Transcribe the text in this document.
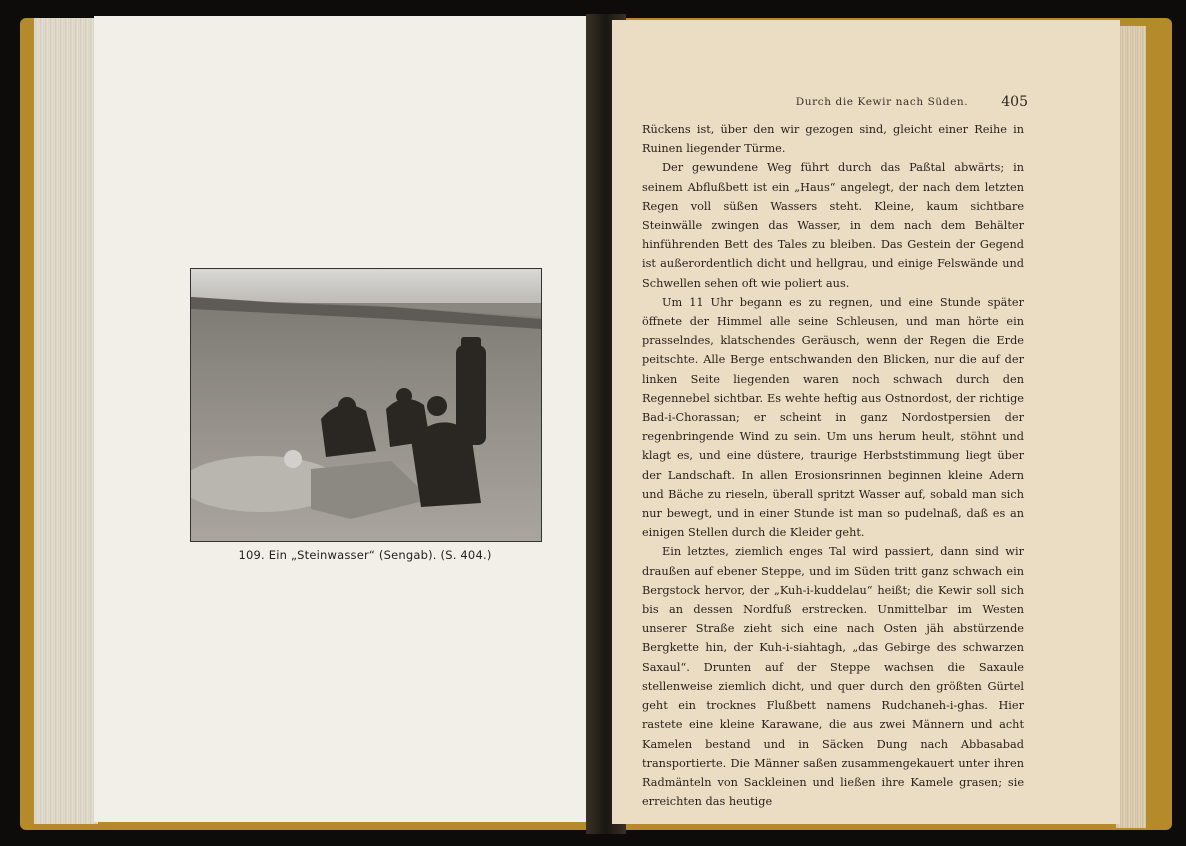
109. Ein „Steinwasser“ (Sengab). (S. 404.)
Durch die Kewir nach Süden.	405

Rückens ist, über den wir gezogen sind, gleicht einer Reihe in Ruinen liegender Türme.

Der gewundene Weg führt durch das Paßtal abwärts; in seinem Abflußbett ist ein „Haus“ angelegt, der nach dem letzten Regen voll süßen Wassers steht. Kleine, kaum sichtbare Steinwälle zwingen das Wasser, in dem nach dem Behälter hinführenden Bett des Tales zu bleiben. Das Gestein der Gegend ist außerordentlich dicht und hellgrau, und einige Felswände und Schwellen sehen oft wie poliert aus.

Um 11 Uhr begann es zu regnen, und eine Stunde später öffnete der Himmel alle seine Schleusen, und man hörte ein prasselndes, klatschendes Geräusch, wenn der Regen die Erde peitschte. Alle Berge entschwanden den Blicken, nur die auf der linken Seite liegenden waren noch schwach durch den Regennebel sichtbar. Es wehte heftig aus Ostnordost, der richtige Bad-i-Chorassan; er scheint in ganz Nordostpersien der regenbringende Wind zu sein. Um uns herum heult, stöhnt und klagt es, und eine düstere, traurige Herbststimmung liegt über der Landschaft. In allen Erosionsrinnen beginnen kleine Adern und Bäche zu rieseln, überall spritzt Wasser auf, sobald man sich nur bewegt, und in einer Stunde ist man so pudelnaß, daß es an einigen Stellen durch die Kleider geht.

Ein letztes, ziemlich enges Tal wird passiert, dann sind wir draußen auf ebener Steppe, und im Süden tritt ganz schwach ein Bergstock hervor, der „Kuh-i-kuddelau“ heißt; die Kewir soll sich bis an dessen Nordfuß erstrecken. Unmittelbar im Westen unserer Straße zieht sich eine nach Osten jäh abstürzende Bergkette hin, der Kuh-i-siahtagh, „das Gebirge des schwarzen Saxaul“. Drunten auf der Steppe wachsen die Saxaule stellenweise ziemlich dicht, und quer durch den größten Gürtel geht ein trocknes Flußbett namens Rudchaneh-i-ghas. Hier rastete eine kleine Karawane, die aus zwei Männern und acht Kamelen bestand und in Säcken Dung nach Abbasabad transportierte. Die Männer saßen zusammengekauert unter ihren Radmänteln von Sackleinen und ließen ihre Kamele grasen; sie erreichten das heutige
